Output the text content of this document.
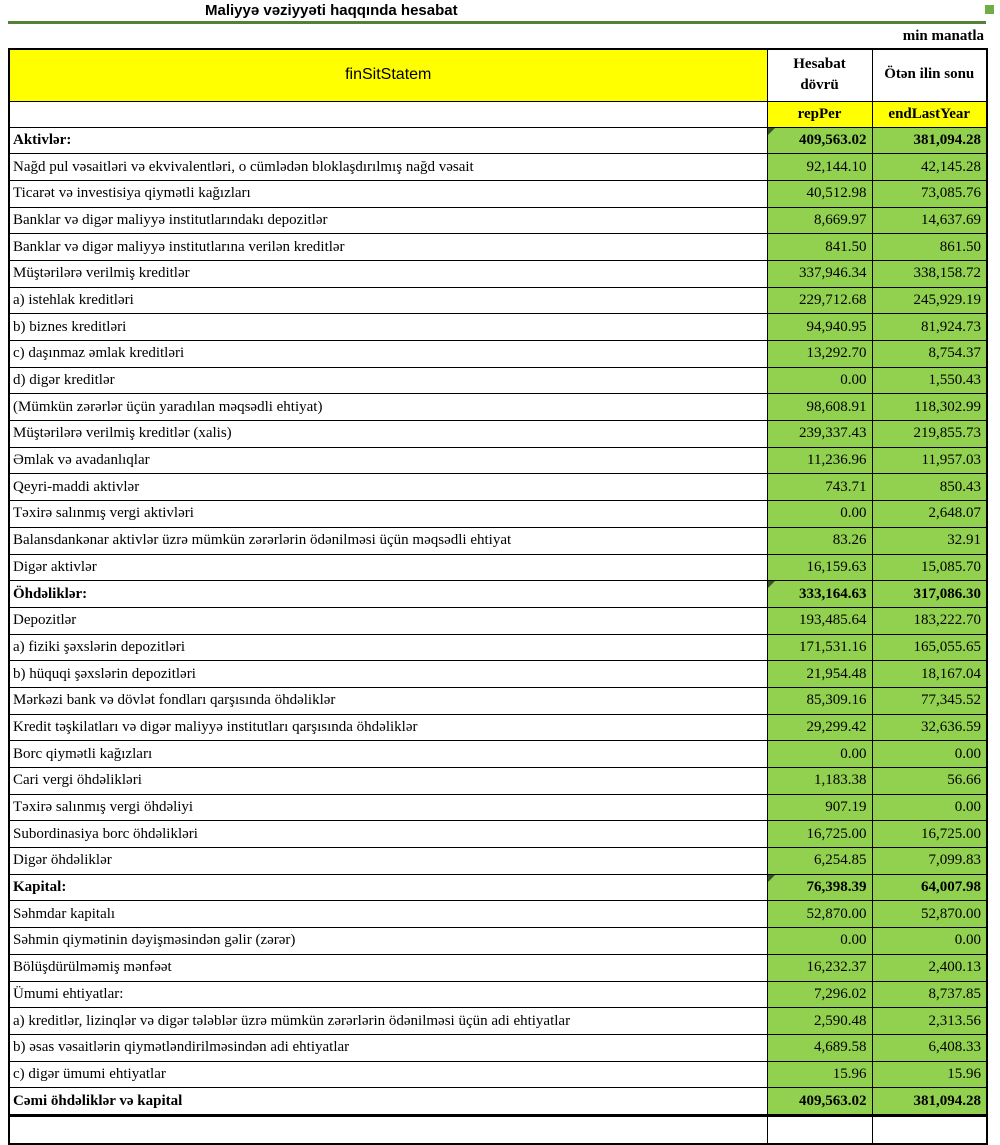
Maliyyə vəziyyəti haqqında hesabat
min manatla
finSitStatem	Hesabat dövrü	Ötən ilin sonu
	repPer	endLastYear
Aktivlər:	409,563.02	381,094.28
Nağd pul vəsaitləri və ekvivalentləri, o cümlədən bloklaşdırılmış nağd vəsait	92,144.10	42,145.28
Ticarət və investisiya qiymətli kağızları	40,512.98	73,085.76
Banklar və digər maliyyə institutlarındakı depozitlər	8,669.97	14,637.69
Banklar və digər maliyyə institutlarına verilən kreditlər	841.50	861.50
Müştərilərə verilmiş kreditlər	337,946.34	338,158.72
a) istehlak kreditləri	229,712.68	245,929.19
b) biznes kreditləri	94,940.95	81,924.73
c) daşınmaz əmlak kreditləri	13,292.70	8,754.37
d) digər kreditlər	0.00	1,550.43
(Mümkün zərərlər üçün yaradılan məqsədli ehtiyat)	98,608.91	118,302.99
Müştərilərə verilmiş kreditlər (xalis)	239,337.43	219,855.73
Əmlak və avadanlıqlar	11,236.96	11,957.03
Qeyri-maddi aktivlər	743.71	850.43
Təxirə salınmış vergi aktivləri	0.00	2,648.07
Balansdankənar aktivlər üzrə mümkün zərərlərin ödənilməsi üçün məqsədli ehtiyat	83.26	32.91
Digər aktivlər	16,159.63	15,085.70
Öhdəliklər:	333,164.63	317,086.30
Depozitlər	193,485.64	183,222.70
a) fiziki şəxslərin depozitləri	171,531.16	165,055.65
b) hüquqi şəxslərin depozitləri	21,954.48	18,167.04
Mərkəzi bank və dövlət fondları qarşısında öhdəliklər	85,309.16	77,345.52
Kredit təşkilatları və digər maliyyə institutları qarşısında öhdəliklər	29,299.42	32,636.59
Borc qiymətli kağızları	0.00	0.00
Cari vergi öhdəlikləri	1,183.38	56.66
Təxirə salınmış vergi öhdəliyi	907.19	0.00
Subordinasiya borc öhdəlikləri	16,725.00	16,725.00
Digər öhdəliklər	6,254.85	7,099.83
Kapital:	76,398.39	64,007.98
Səhmdar kapitalı	52,870.00	52,870.00
Səhmin qiymətinin dəyişməsindən gəlir (zərər)	0.00	0.00
Bölüşdürülməmiş mənfəət	16,232.37	2,400.13
Ümumi ehtiyatlar:	7,296.02	8,737.85
a) kreditlər, lizinqlər və digər tələblər üzrə mümkün zərərlərin ödənilməsi üçün adi ehtiyatlar	2,590.48	2,313.56
b) əsas vəsaitlərin qiymətləndirilməsindən adi ehtiyatlar	4,689.58	6,408.33
c) digər ümumi ehtiyatlar	15.96	15.96
Cəmi öhdəliklər və kapital	409,563.02	381,094.28
